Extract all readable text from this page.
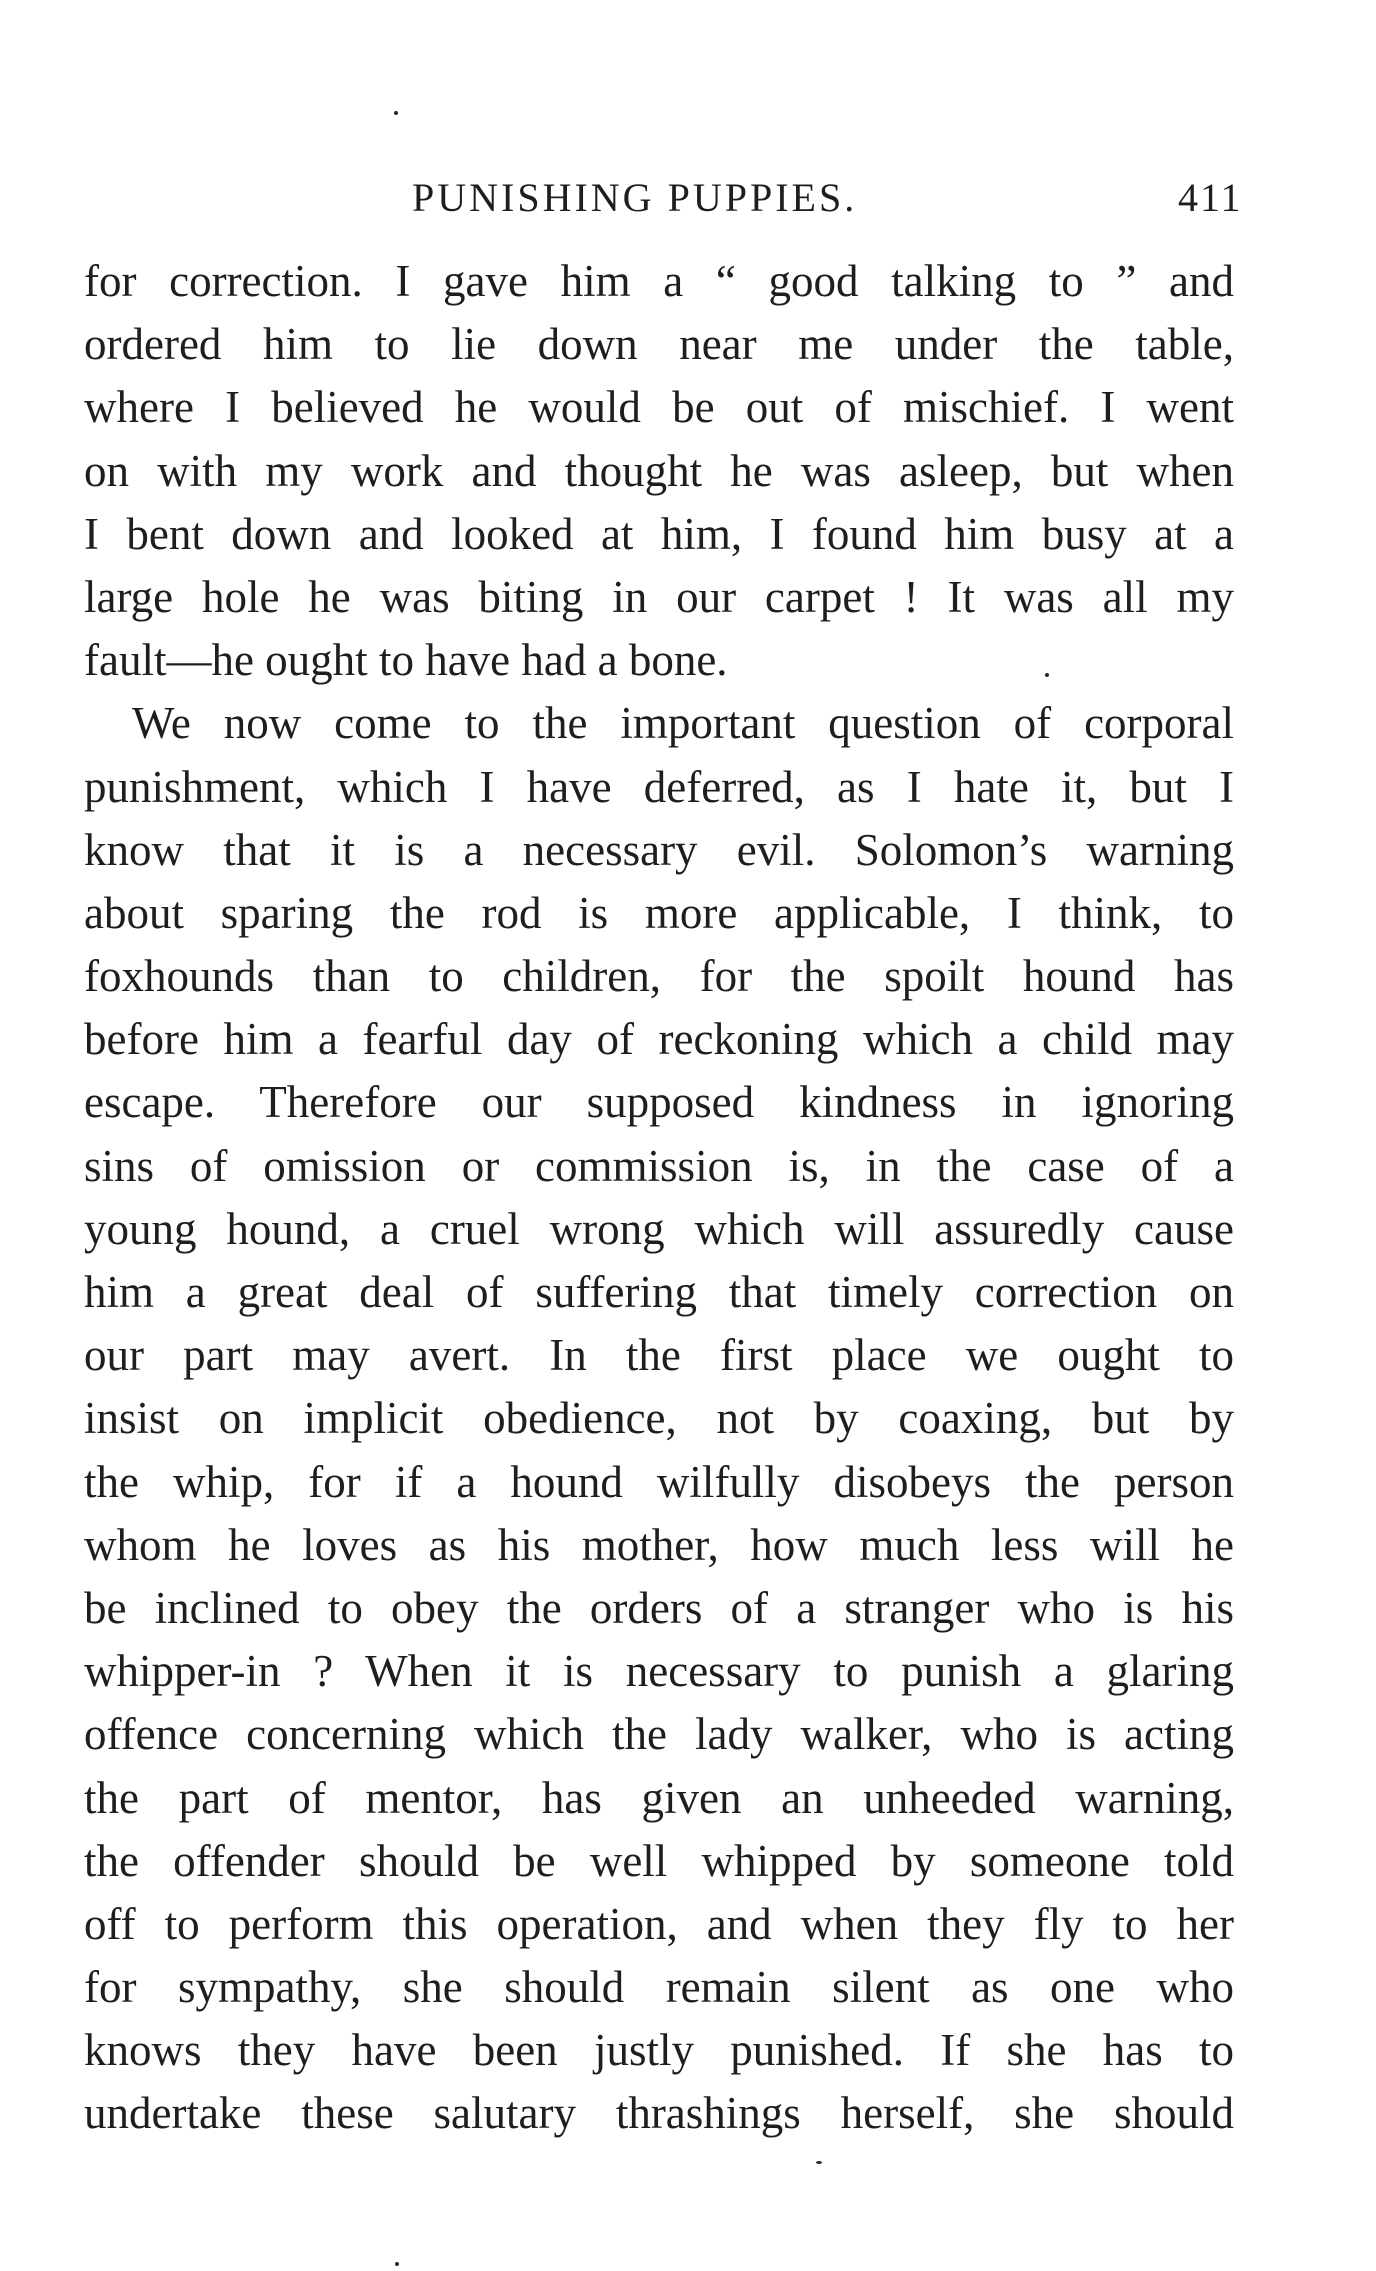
PUNISHING PUPPIES.	411
for correction. I gave him a “ good talking to ” and
ordered him to lie down near me under the table,
where I believed he would be out of mischief. I went
on with my work and thought he was asleep, but when
I bent down and looked at him, I found him busy at a
large hole he was biting in our carpet ! It was all my
fault—he ought to have had a bone.
We now come to the important question of corporal
punishment, which I have deferred, as I hate it, but I
know that it is a necessary evil. Solomon’s warning
about sparing the rod is more applicable, I think, to
foxhounds than to children, for the spoilt hound has
before him a fearful day of reckoning which a child may
escape. Therefore our supposed kindness in ignoring
sins of omission or commission is, in the case of a
young hound, a cruel wrong which will assuredly cause
him a great deal of suffering that timely correction on
our part may avert. In the first place we ought to
insist on implicit obedience, not by coaxing, but by
the whip, for if a hound wilfully disobeys the person
whom he loves as his mother, how much less will he
be inclined to obey the orders of a stranger who is his
whipper-in ? When it is necessary to punish a glaring
offence concerning which the lady walker, who is acting
the part of mentor, has given an unheeded warning,
the offender should be well whipped by someone told
off to perform this operation, and when they fly to her
for sympathy, she should remain silent as one who
knows they have been justly punished. If she has to
undertake these salutary thrashings herself, she should
